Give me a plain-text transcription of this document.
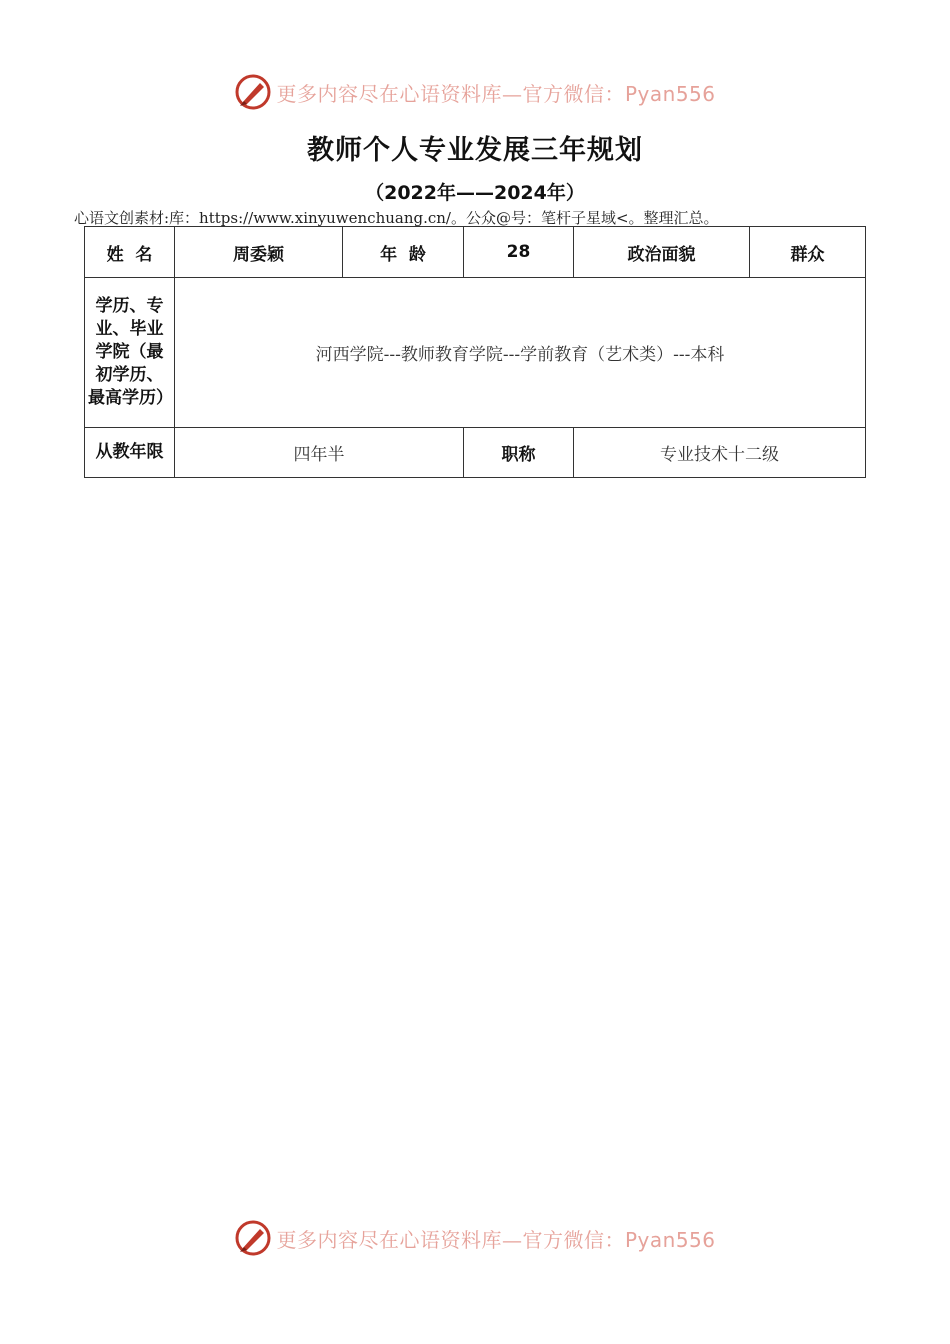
更多内容尽在心语资料库—官方微信：Pyan556
教师个人专业发展三年规划
（2022年——2024年）
心语文创素材:库：https://www.xinyuwenchuang.cn/。公众@号：笔杆子星域<。整理汇总。
姓  名	周委颖	年  龄	28	政治面貌	群众
学历、专业、毕业学院（最初学历、最高学历）	河西学院---教师教育学院---学前教育（艺术类）---本科				
从教年限	四年半		职称	专业技术十二级	
更多内容尽在心语资料库—官方微信：Pyan556
